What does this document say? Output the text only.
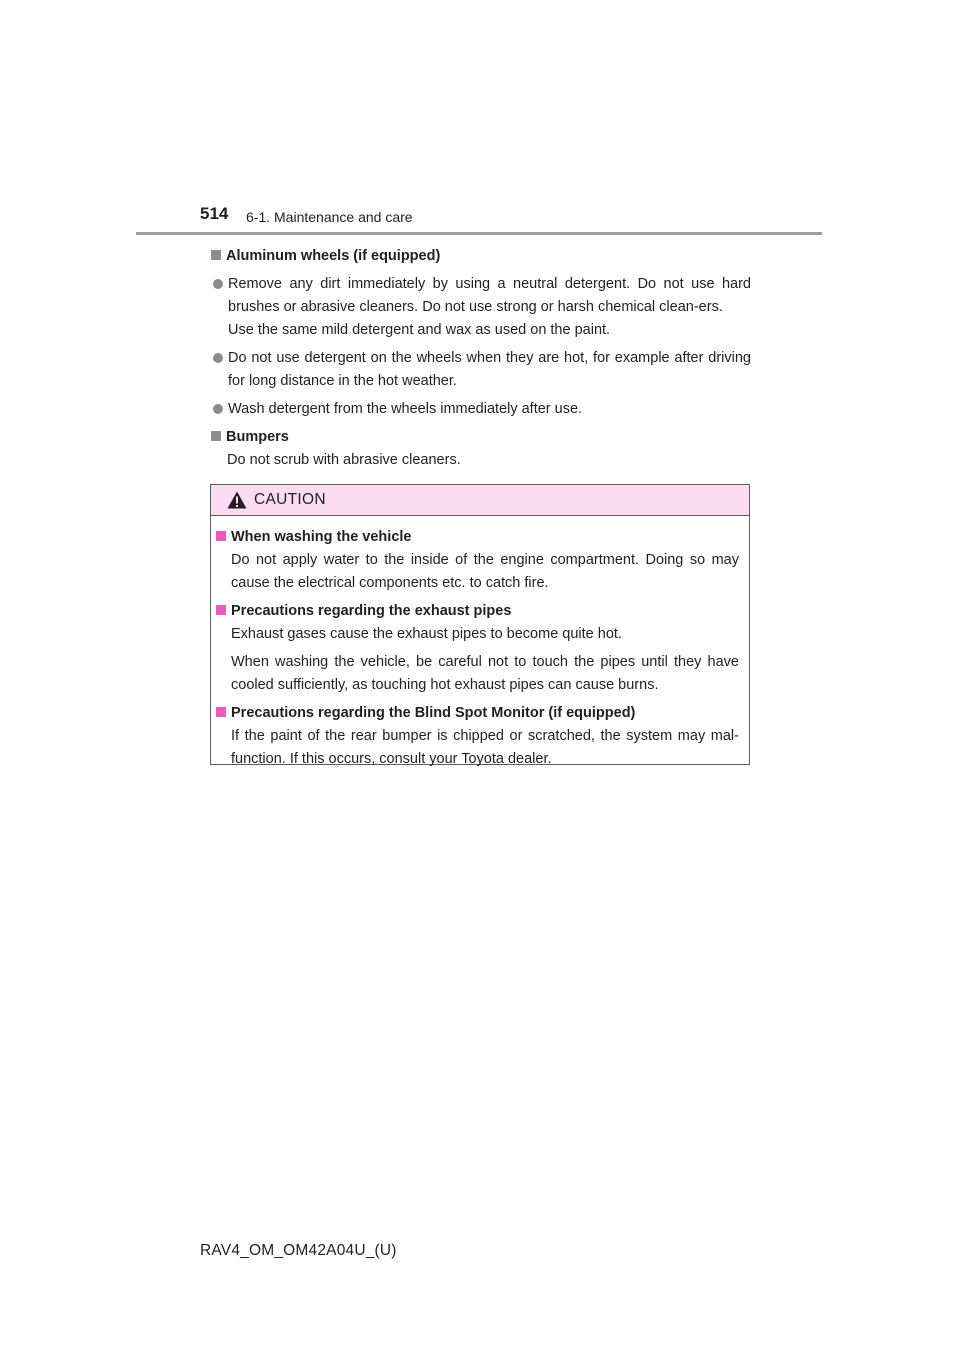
514 6-1. Maintenance and care
Aluminum wheels (if equipped)
Remove any dirt immediately by using a neutral detergent. Do not use hard brushes or abrasive cleaners. Do not use strong or harsh chemical clean-ers.
Use the same mild detergent and wax as used on the paint.
Do not use detergent on the wheels when they are hot, for example after driving for long distance in the hot weather.
Wash detergent from the wheels immediately after use.
Bumpers
Do not scrub with abrasive cleaners.
CAUTION
When washing the vehicle
Do not apply water to the inside of the engine compartment. Doing so may cause the electrical components etc. to catch fire.
Precautions regarding the exhaust pipes
Exhaust gases cause the exhaust pipes to become quite hot.
When washing the vehicle, be careful not to touch the pipes until they have cooled sufficiently, as touching hot exhaust pipes can cause burns.
Precautions regarding the Blind Spot Monitor (if equipped)
If the paint of the rear bumper is chipped or scratched, the system may mal-function. If this occurs, consult your Toyota dealer.
RAV4_OM_OM42A04U_(U)
